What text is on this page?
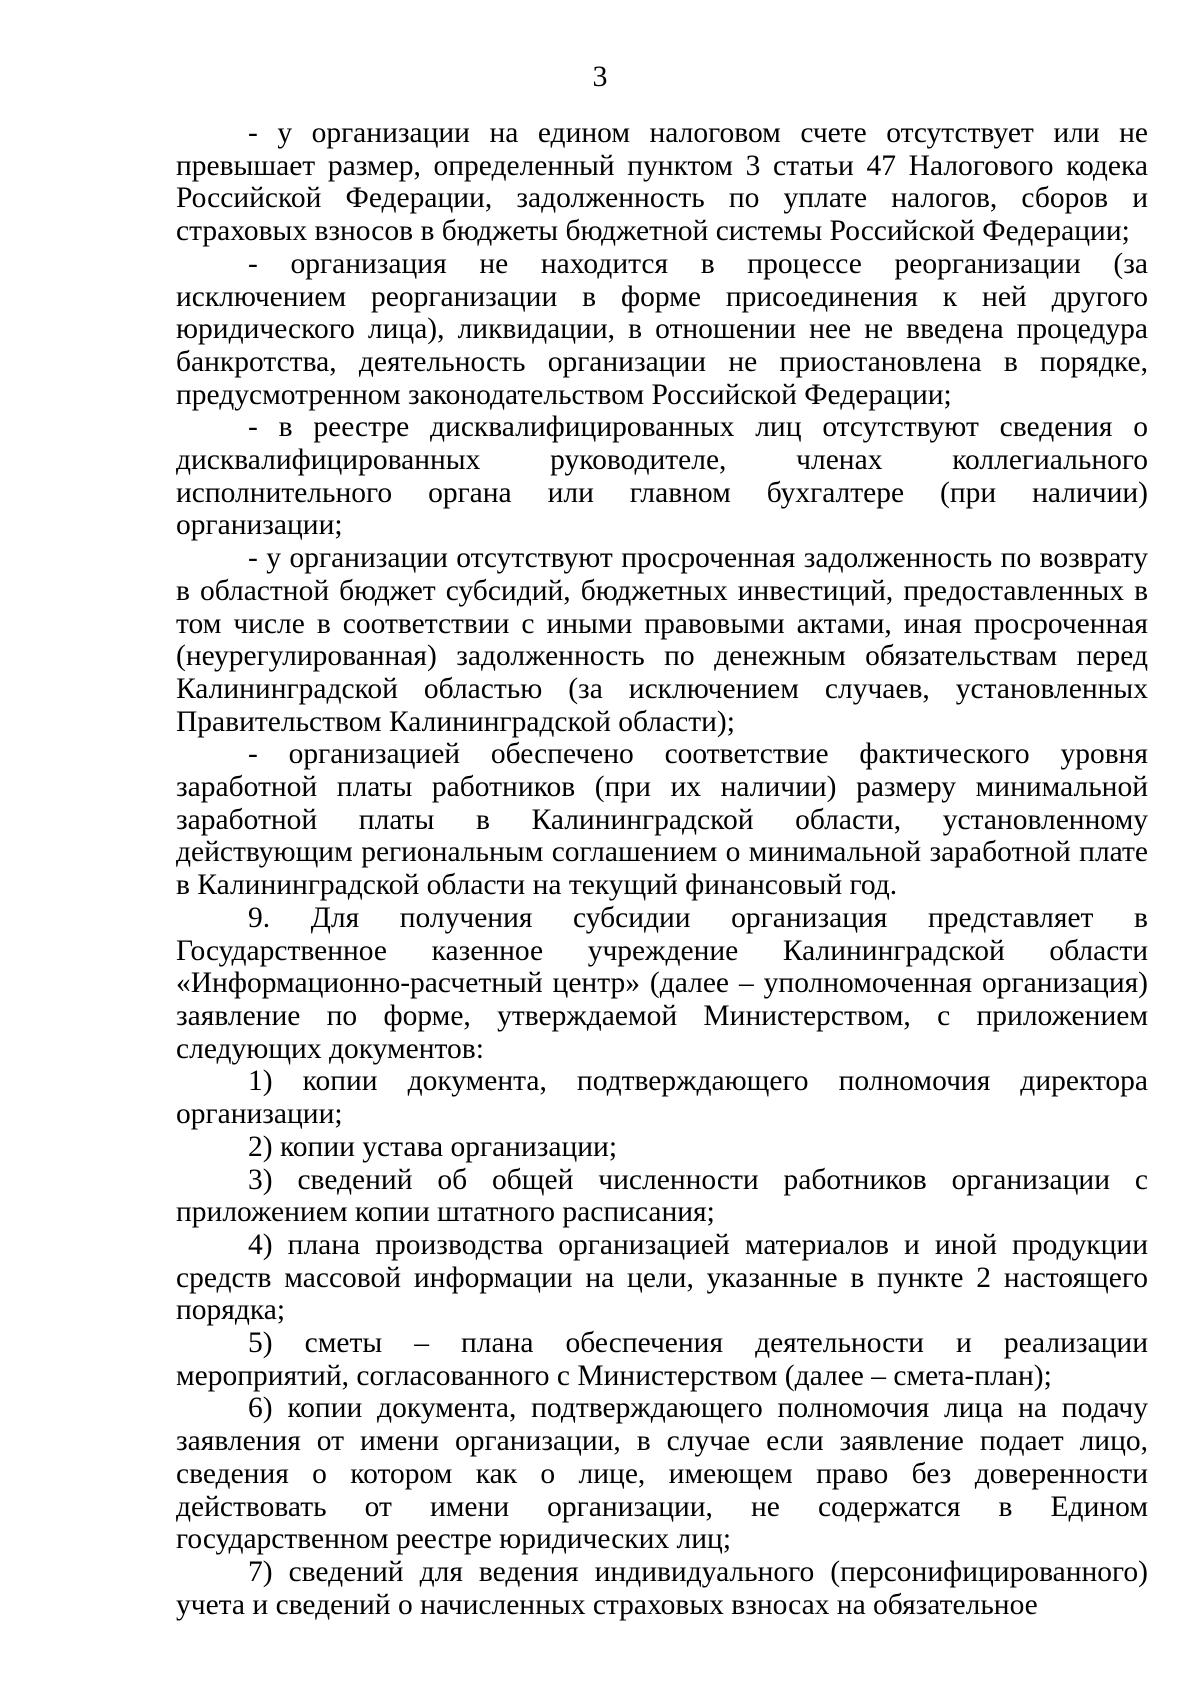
3

- у организации на едином налоговом счете отсутствует или не превышает размер, определенный пунктом 3 статьи 47 Налогового кодека Российской Федерации, задолженность по уплате налогов, сборов и страховых взносов в бюджеты бюджетной системы Российской Федерации;

- организация не находится в процессе реорганизации (за исключением реорганизации в форме присоединения к ней другого юридического лица), ликвидации, в отношении нее не введена процедура банкротства, деятельность организации не приостановлена в порядке, предусмотренном законодательством Российской Федерации;

- в реестре дисквалифицированных лиц отсутствуют сведения о дисквалифицированных руководителе, членах коллегиального исполнительного органа или главном бухгалтере (при наличии) организации;

- у организации отсутствуют просроченная задолженность по возврату в областной бюджет субсидий, бюджетных инвестиций, предоставленных в том числе в соответствии с иными правовыми актами, иная просроченная (неурегулированная) задолженность по денежным обязательствам перед Калининградской областью (за исключением случаев, установленных Правительством Калининградской области);

- организацией обеспечено соответствие фактического уровня заработной платы работников (при их наличии) размеру минимальной заработной платы в Калининградской области, установленному действующим региональным соглашением о минимальной заработной плате в Калининградской области на текущий финансовый год.

9. Для получения субсидии организация представляет в Государственное казенное учреждение Калининградской области «Информационно-расчетный центр» (далее – уполномоченная организация) заявление по форме, утверждаемой Министерством, с приложением следующих документов:

1) копии документа, подтверждающего полномочия директора организации;

2) копии устава организации;

3) сведений об общей численности работников организации с приложением копии штатного расписания;

4) плана производства организацией материалов и иной продукции средств массовой информации на цели, указанные в пункте 2 настоящего порядка;

5) сметы – плана обеспечения деятельности и реализации мероприятий, согласованного с Министерством (далее – смета-план);

6) копии документа, подтверждающего полномочия лица на подачу заявления от имени организации, в случае если заявление подает лицо, сведения о котором как о лице, имеющем право без доверенности действовать от имени организации, не содержатся в Едином государственном реестре юридических лиц;

7) сведений для ведения индивидуального (персонифицированного) учета и сведений о начисленных страховых взносах на обязательное
